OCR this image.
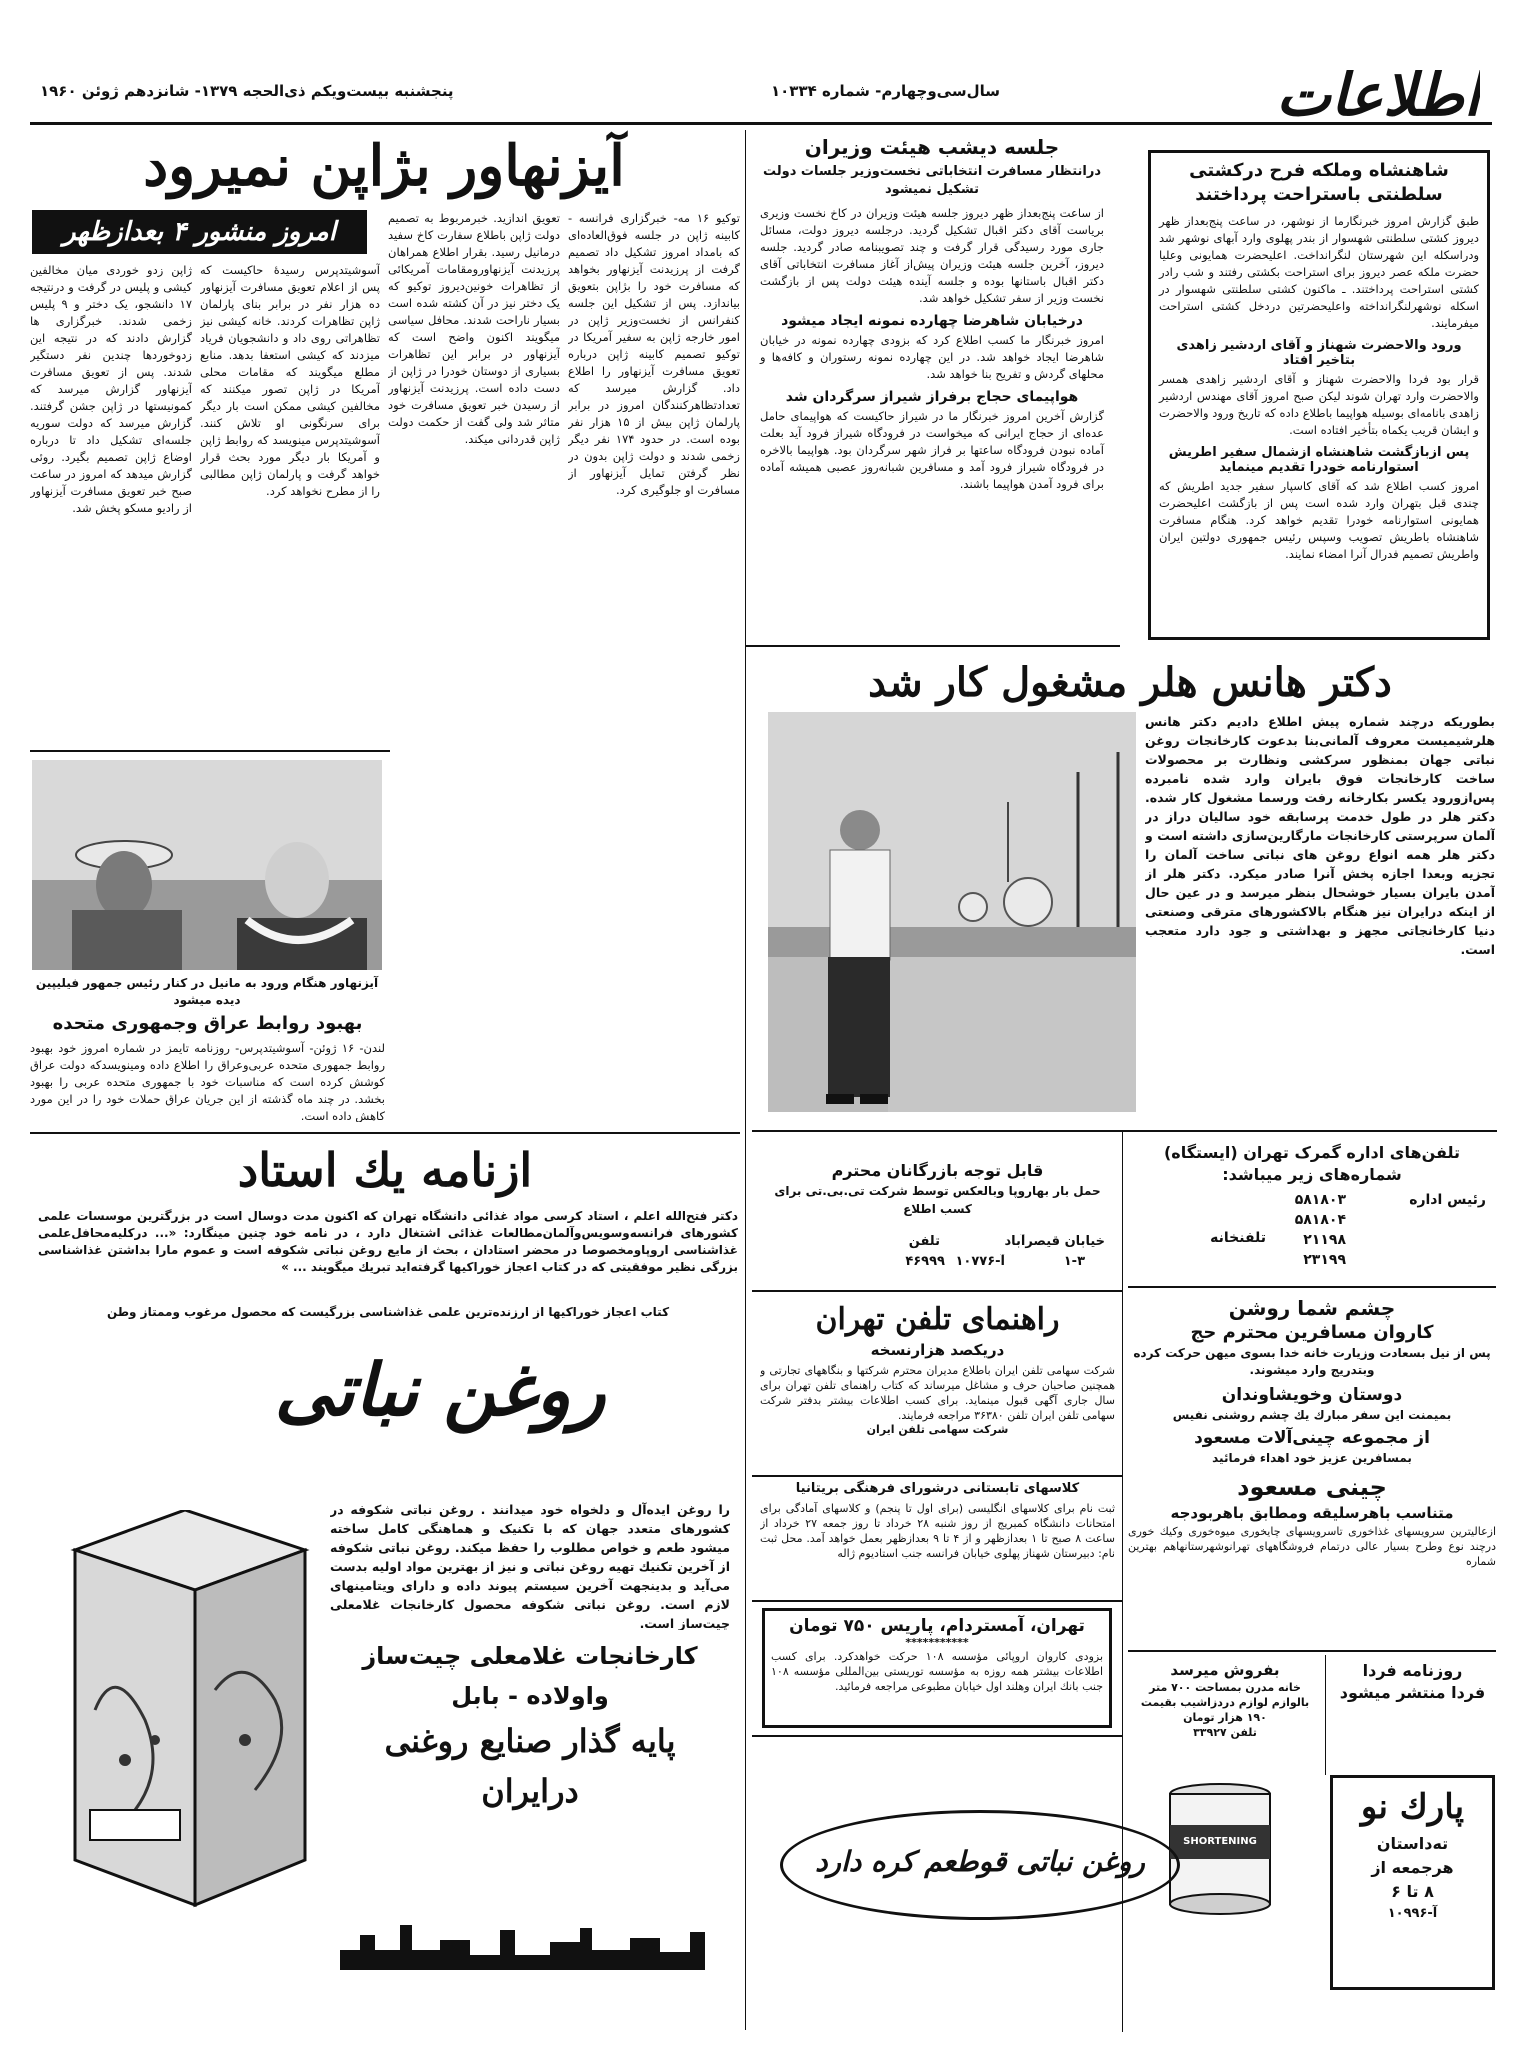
اطلاعات
سال‌سی‌وچهارم- شماره ۱۰۳۳۴
پنجشنبه بیست‌ویکم ذی‌الحجه ۱۳۷۹- شانزدهم ژوئن ۱۹۶۰
شاهنشاه وملکه فرح درکشتی سلطنتی باستراحت پرداختند
طبق گزارش امروز خبرنگارما از نوشهر، در ساعت پنج‌بعداز ظهر دیروز کشتی سلطنتی شهسوار از بندر پهلوی وارد آبهای نوشهر شد ودراسکله این شهرستان لنگرانداخت. اعلیحضرت همایونی وعلیا حضرت ملکه عصر دیروز برای استراحت بکشتی رفتند و شب رادر کشتی استراحت پرداختند. ـ ماکنون کشتی سلطنتی شهسوار در اسکله نوشهرلنگرانداخته واعلیحضرتین دردخل کشتی استراحت میفرمایند.
ورود والاحضرت شهناز و آقای اردشیر زاهدی بتاخیر افتاد
قرار بود فردا والاحضرت شهناز و آقای اردشیر زاهدی همسر والاحضرت وارد تهران شوند لیکن صبح امروز آقای مهندس اردشیر زاهدی بانامه‌ای بوسیله هواپیما باطلاع داده که تاریخ ورود والاحضرت و ایشان قریب یکماه بتأخیر افتاده است.
پس ازبازگشت شاهنشاه ازشمال سفیر اطریش استوارنامه خودرا تقدیم مینماید
امروز کسب اطلاع شد که آقای کاسپار سفیر جدید اطریش که چندی قبل بتهران وارد شده است پس از بازگشت اعلیحضرت همایونی استوارنامه خودرا تقدیم خواهد کرد. هنگام مسافرت شاهنشاه باطریش تصویب وسپس رئیس جمهوری دولتین ایران واطریش تصمیم فدرال آنرا امضاء نمایند.
جلسه دیشب هیئت وزیران
درانتظار مسافرت انتخاباتی نخست‌وزیر جلسات دولت تشکیل نمیشود
از ساعت پنج‌بعداز ظهر دیروز جلسه هیئت وزیران در کاخ نخست وزیری بریاست آقای دکتر اقبال تشکیل گردید. درجلسه دیروز دولت، مسائل جاری مورد رسیدگی قرار گرفت و چند تصویبنامه صادر گردید. جلسه دیروز، آخرین جلسه هیئت وزیران پیش‌از آغاز مسافرت انتخاباتی آقای دکتر اقبال باستانها بوده و جلسه آینده هیئت دولت پس از بازگشت نخست وزیر از سفر تشکیل خواهد شد.
درخیابان شاهرضا چهارده نمونه ایجاد میشود
امروز خبرنگار ما کسب اطلاع کرد که بزودی چهارده نمونه در خیابان شاهرضا ایجاد خواهد شد. در این چهارده نمونه رستوران و کافه‌ها و محلهای گردش و تفریح بنا خواهد شد.
هواپیمای حجاج برفراز شیراز سرگردان شد
گزارش آخرین امروز خبرنگار ما در شیراز حاکیست که هواپیمای حامل عده‌ای از حجاج ایرانی که میخواست در فرودگاه شیراز فرود آید بعلت آماده نبودن فرودگاه ساعتها بر فراز شهر سرگردان بود. هواپیما بالاخره در فرودگاه شیراز فرود آمد و مسافرین شبانه‌روز عصبی همیشه آماده برای فرود آمدن هواپیما باشند.
آیزنهاور بژاپن نمیرود
امروز منشور ۴ بعدازظهر	توکیو ۱۶ مه- خبرگزاری فرانسه - کابینه ژاپن در جلسه فوق‌العاده‌ای که بامداد امروز تشکیل داد تصمیم گرفت از پرزیدنت آیزنهاور بخواهد که مسافرت خود را بژاپن بتعویق بیاندازد. پس از تشکیل این جلسه کنفرانس از نخست‌وزیر ژاپن در امور خارجه ژاپن به سفیر آمریکا در توکیو تصمیم کابینه ژاپن درباره تعویق مسافرت آیزنهاور را اطلاع داد. گزارش میرسد که تعدادتظاهرکنندگان امروز در برابر پارلمان ژاپن بیش از ۱۵ هزار نفر بوده است. در حدود ۱۷۴ نفر دیگر زخمی شدند و دولت ژاپن بدون در نظر گرفتن تمایل آیزنهاور از مسافرت او جلوگیری کرد.
تعویق اندازید. خبرمربوط به تصمیم دولت ژاپن باطلاع سفارت کاخ سفید درمانیل رسید. بقرار اطلاع همراهان پرزیدنت آیزنهاورومقامات آمریکائی از تظاهرات خونین‌دیروز توکیو که یک دختر نیز در آن کشته شده است بسیار ناراحت شدند. محافل سیاسی میگویند اکنون واضح است که آیزنهاور در برابر این تظاهرات بسیاری از دوستان خودرا در ژاپن از دست داده است. پرزیدنت آیزنهاور از رسیدن خبر تعویق مسافرت خود متاثر شد ولی گفت از حکمت دولت ژاپن قدردانی میکند.
آسوشیتدپرس رسیدهٔ حاکیست که پس از اعلام تعویق مسافرت آیزنهاور ده هزار نفر در برابر بنای پارلمان ژاپن تظاهرات کردند. خانه کیشی نیز تظاهراتی روی داد و دانشجویان فریاد میزدند که کیشی استعفا بدهد. منابع مطلع میگویند که مقامات محلی آمریکا در ژاپن تصور میکنند که مخالفین کیشی ممکن است بار دیگر برای سرنگونی او تلاش کنند. آسوشیتدپرس مینویسد که روابط ژاپن و آمریکا بار دیگر مورد بحث قرار خواهد گرفت و پارلمان ژاپن مطالبی را از مطرح نخواهد کرد.
ژاپن زدو خوردی میان مخالفین کیشی و پلیس در گرفت و درنتیجه ۱۷ دانشجو، یک دختر و ۹ پلیس زخمی شدند. خبرگزاری ها گزارش دادند که در نتیجه این زدوخوردها چندین نفر دستگیر شدند. پس از تعویق مسافرت آیزنهاور گزارش میرسد که کمونیستها در ژاپن جشن گرفتند. گزارش میرسد که دولت سوریه جلسه‌ای تشکیل داد تا درباره اوضاع ژاپن تصمیم بگیرد. روئی گزارش میدهد که امروز در ساعت صبح خبر تعویق مسافرت آیزنهاور از رادیو مسکو پخش شد.
آیزنهاور هنگام ورود به مانیل در کنار رئیس جمهور فیلیپین دیده میشود
بهبود روابط عراق وجمهوری متحده
لندن- ۱۶ ژوئن- آسوشیتدپرس- روزنامه تایمز در شماره امروز خود بهبود روابط جمهوری متحده عربی‌وعراق را اطلاع داده ومینویسدکه دولت عراق کوشش کرده است که مناسبات خود با جمهوری متحده عربی را بهبود بخشد. در چند ماه گذشته از این جریان عراق حملات خود را در این مورد کاهش داده است.
دکتر هانس هلر مشغول کار شد
بطوریکه درچند شماره پیش اطلاع دادیم دکتر هانس هلرشیمیست معروف آلمانی‌بنا بدعوت کارخانجات روغن نباتی جهان بمنظور سرکشی ونظارت بر محصولات ساخت کارخانجات فوق بایران وارد شده نامبرده پس‌ازورود یکسر بکارخانه رفت ورسما مشغول کار شده. دکتر هلر در طول خدمت پرسابقه خود سالیان دراز در آلمان سرپرستی کارخانجات مارگارین‌سازی داشته است و دکتر هلر همه انواع روغن های نباتی ساخت آلمان را تجزیه وبعدا اجازه پخش آنرا صادر میکرد. دکتر هلر از آمدن بایران بسیار خوشحال بنظر میرسد و در عین حال از اینکه درایران نیز هنگام بالاکشورهای مترقی وصنعتی دنیا کارخانجاتی مجهز و بهداشتی و جود دارد متعجب است.
ازنامه یك استاد
دکتر فتح‌الله اعلم ، استاد کرسی مواد غذائی دانشگاه تهران که اکنون مدت دوسال است در بزرگترین موسسات علمی کشورهای فرانسه‌وسویس‌وآلمان‌مطالعات غذائی اشتغال دارد ، در نامه خود چنین مینگارد: «... درکلیه‌محافل‌علمی غذاشناسی اروپاومخصوصا در محضر استادان ، بحث از مایع روغن نباتی شکوفه است و عموم مارا بداشتن غذاشناسی بزرگی نظیر موفقیتی که در کتاب اعجاز خوراکیها گرفته‌اید تبریك میگویند ... »
کتاب اعجاز خوراکیها از ارزنده‌ترین علمی غذاشناسی بزرگیست که محصول مرغوب وممتاز وطن
روغن نباتی
را روغن ایده‌آل و دلخواه خود میدانند . روغن نباتی شکوفه در کشورهای متعدد جهان که با تکنیک و هماهنگی کامل ساخته میشود طعم و خواص مطلوب را حفظ میکند. روغن نباتی شکوفه از آخرین تکنیك تهیه روغن نباتی و نیز از بهترین مواد اولیه بدست می‌آید و بدینجهت آخرین سیستم پیوند داده و دارای ویتامینهای لازم است. روغن نباتی شکوفه محصول کارخانجات غلامعلی چیت‌ساز است.
کارخانجات غلامعلی چیت‌ساز
واولاده - بابل
پایه گذار صنایع روغنی
درایران
تلفن‌های اداره گمرک تهران (ایستگاه)
شماره‌های زیر میباشد:
رئیس اداره
۵۸۱۸۰۳
۵۸۱۸۰۴
تلفنخانه	۲۱۱۹۸
۲۳۱۹۹
قابل توجه بازرگانان محترم
حمل بار بهاروپا وبالعکس توسط شرکت تی.بی.تی برای کسب اطلاع
خیابان قیصرآباد
تلفن
۱-۳
۴۶۹۹۹ آ-۱۰۷۷۶
راهنمای تلفن تهران
دریکصد هزارنسخه
شرکت سهامی تلفن ایران باطلاع مدیران محترم شرکتها و بنگاههای تجارتی و همچنین صاحبان حرف و مشاغل میرساند که کتاب راهنمای تلفن تهران برای سال جاری آگهی قبول مینماید. برای کسب اطلاعات بیشتر بدفتر شرکت سهامی تلفن ایران تلفن ۳۶۳۸۰ مراجعه فرمایند.
شرکت سهامی تلفن ایران
کلاسهای تابستانی درشورای فرهنگی بریتانیا
ثبت نام برای کلاسهای انگلیسی (برای اول تا پنجم) و کلاسهای آمادگی برای امتحانات دانشگاه کمبریج از روز شنبه ۲۸ خرداد تا روز جمعه ۲۷ خرداد از ساعت ۸ صبح تا ۱ بعدازظهر و از ۴ تا ۹ بعدازظهر بعمل خواهد آمد. محل ثبت نام: دبیرستان شهناز پهلوی خیابان فرانسه جنب استادیوم ژاله
تهران، آمستردام، پاریس ۷۵۰ تومان
***********
بزودی کاروان اروپائی مؤسسه ۱۰۸ حرکت خواهدکرد. برای کسب اطلاعات بیشتر همه روزه به مؤسسه توریستی بین‌المللی مؤسسه ۱۰۸ جنب بانك ایران وهلند اول خیابان مطبوعی مراجعه فرمائید.
چشم شما روشن
کاروان مسافرین محترم حج
پس از نیل بسعادت وزیارت خانه خدا بسوی میهن حرکت کرده وبتدریج وارد میشوند.
دوستان وخویشاوندان
بمیمنت این سفر مبارك یك چشم روشنی نفیس
از مجموعه چینی‌آلات مسعود
بمسافرین عزیز خود اهداء فرمائید
چینی مسعود
متناسب باهرسلیقه ومطابق باهربودجه
ازعالیترین سرویسهای غذاخوری تاسرویسهای چایخوری میوه‌خوری وکیك خوری درچند نوع وطرح بسیار عالی درتمام فروشگاههای تهرانوشهرستانهاهم بهترین شماره
روزنامه فردا
فردا منتشر میشود
بفروش میرسد
خانه مدرن بمساحت ۷۰۰ متر بالوازم لوازم دردزاشیب بقیمت ۱۹۰ هزار تومان
تلفن ۳۳۹۲۷
پارك نو
ته‌داستان
هرجمعه از
۸ تا ۶
آ-۱۰۹۹۶
SHORTENING
روغن نباتی قوطعم کره دارد
